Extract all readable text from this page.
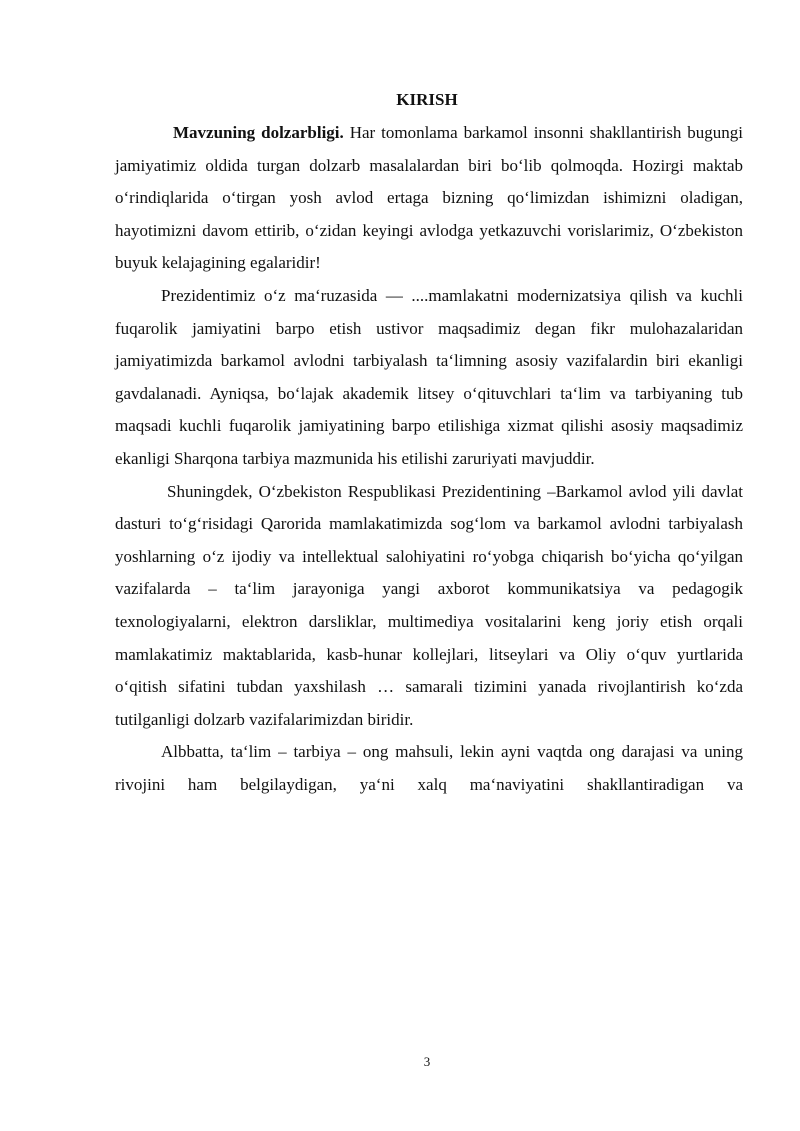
KIRISH

Mavzuning dolzarbligi. Har tomonlama barkamol insonni shakllantirish bugungi jamiyatimiz oldida turgan dolzarb masalalardan biri bo‘lib qolmoqda. Hozirgi maktab o‘rindiqlarida o‘tirgan yosh avlod ertaga bizning qo‘limizdan ishimizni oladigan, hayotimizni davom ettirib, o‘zidan keyingi avlodga yetkazuvchi vorislarimiz, O‘zbekiston buyuk kelajagining egalaridir!

Prezidentimiz o‘z ma‘ruzasida — ....mamlakatni modernizatsiya qilish va kuchli fuqarolik jamiyatini barpo etish ustivor maqsadimiz degan fikr mulohazalaridan jamiyatimizda barkamol avlodni tarbiyalash ta‘limning asosiy vazifalardin biri ekanligi gavdalanadi. Ayniqsa, bo‘lajak akademik litsey o‘qituvchlari ta‘lim va tarbiyaning tub maqsadi kuchli fuqarolik jamiyatining barpo etilishiga xizmat qilishi asosiy maqsadimiz ekanligi Sharqona tarbiya mazmunida his etilishi zaruriyati mavjuddir.

Shuningdek, O‘zbekiston Respublikasi Prezidentining –Barkamol avlod yili davlat dasturi to‘g‘risidagi Qarorida mamlakatimizda sog‘lom va barkamol avlodni tarbiyalash yoshlarning o‘z ijodiy va intellektual salohiyatini ro‘yobga chiqarish bo‘yicha qo‘yilgan vazifalarda – ta‘lim jarayoniga yangi axborot kommunikatsiya va pedagogik texnologiyalarni, elektron darsliklar, multimediya vositalarini keng joriy etish orqali mamlakatimiz maktablarida, kasb-hunar kollejlari, litseylari va Oliy o‘quv yurtlarida o‘qitish sifatini tubdan yaxshilash … samarali tizimini yanada rivojlantirish ko‘zda tutilganligi dolzarb vazifalarimizdan biridir.

Albbatta, ta‘lim – tarbiya – ong mahsuli, lekin ayni vaqtda ong darajasi va uning rivojini ham belgilaydigan, ya‘ni xalq ma‘naviyatini shakllantiradigan va

3
